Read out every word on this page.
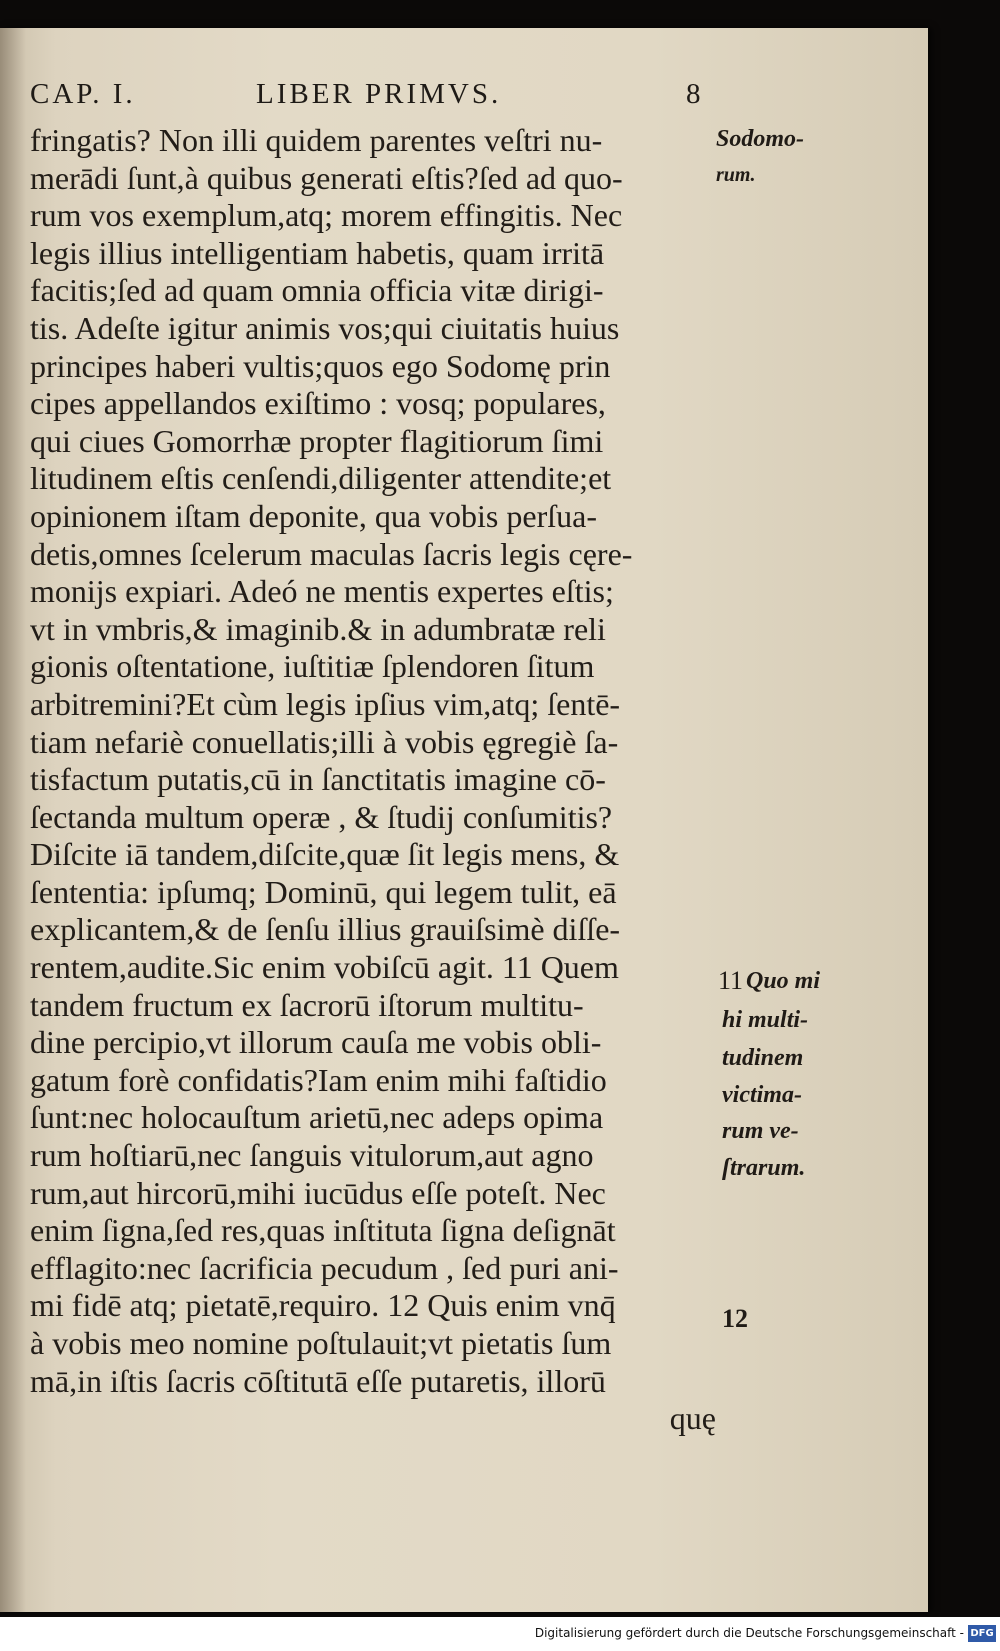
CAP. I.	LIBER PRIMVS.	8
fringatis? Non illi quidem parentes veſtri nu-
merādi ſunt,à quibus generati eſtis?ſed ad quo-
rum vos exemplum,atq; morem effingitis. Nec
legis illius intelligentiam habetis, quam irritā
facitis;ſed ad quam omnia officia vitæ dirigi-
tis. Adeſte igitur animis vos;qui ciuitatis huius
principes haberi vultis;quos ego Sodomę prin
cipes appellandos exiſtimo : vosq; populares,
qui ciues Gomorrhæ propter flagitiorum ſimi
litudinem eſtis cenſendi,diligenter attendite;et
opinionem iſtam deponite, qua vobis perſua-
detis,omnes ſcelerum maculas ſacris legis cęre-
monijs expiari. Adeó ne mentis expertes eſtis;
vt in vmbris,& imaginib.& in adumbratæ reli
gionis oſtentatione, iuſtitiæ ſplendoren ſitum
arbitremini?Et cùm legis ipſius vim,atq; ſentē-
tiam nefariè conuellatis;illi à vobis ęgregiè ſa-
tisfactum putatis,cū in ſanctitatis imagine cō-
ſectanda multum operæ , & ſtudij conſumitis?
Diſcite iā tandem,diſcite,quæ ſit legis mens, &
ſententia: ipſumq; Dominū, qui legem tulit, eā
explicantem,& de ſenſu illius grauiſsimè diſſe-
rentem,audite.Sic enim vobiſcū agit. 11 Quem
tandem fructum ex ſacrorū iſtorum multitu-
dine percipio,vt illorum cauſa me vobis obli-
gatum forè confidatis?Iam enim mihi faſtidio
ſunt:nec holocauſtum arietū,nec adeps opima
rum hoſtiarū,nec ſanguis vitulorum,aut agno
rum,aut hircorū,mihi iucūdus eſſe poteſt. Nec
enim ſigna,ſed res,quas inſtituta ſigna deſignāt
efflagito:nec ſacrificia pecudum , ſed puri ani-
mi fidē atq; pietatē,requiro. 12 Quis enim vnq̄
à vobis meo nomine poſtulauit;vt pietatis ſum
mā,in iſtis ſacris cōſtitutā eſſe putaretis, illorū
quę
Sodomo-
rum.
11 Quo mi
hi multi-
tudinem
victima-
rum ve-
ſtrarum.
12
Digitalisierung gefördert durch die Deutsche Forschungsgemeinschaft - DFG
